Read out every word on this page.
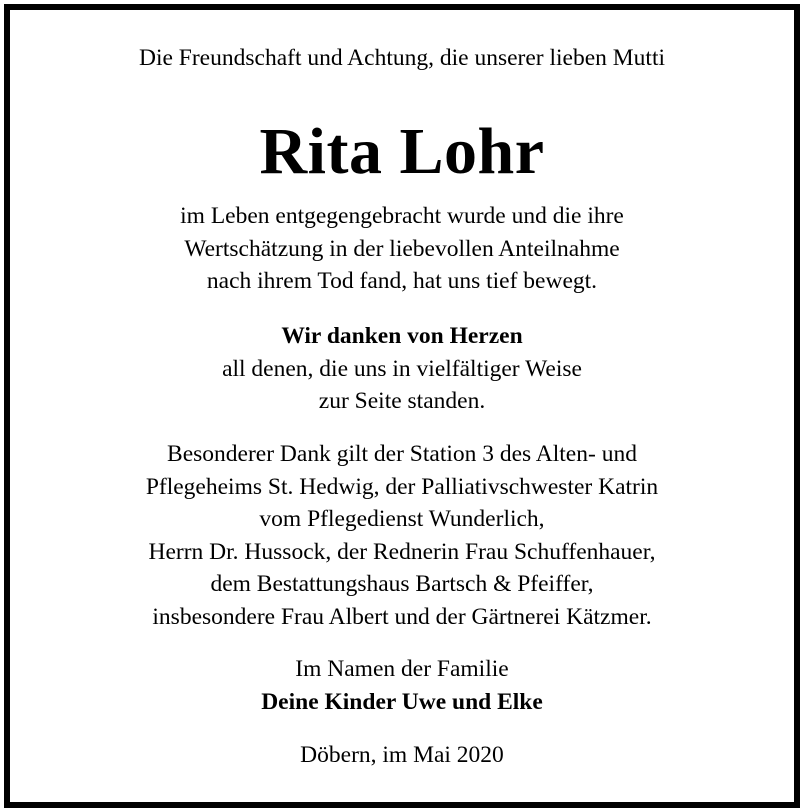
Die Freundschaft und Achtung, die unserer lieben Mutti
Rita Lohr
im Leben entgegengebracht wurde und die ihre
Wertschätzung in der liebevollen Anteilnahme
nach ihrem Tod fand, hat uns tief bewegt.
Wir danken von Herzen
all denen, die uns in vielfältiger Weise
zur Seite standen.
Besonderer Dank gilt der Station 3 des Alten- und
Pflegeheims St. Hedwig, der Palliativschwester Katrin
vom Pflegedienst Wunderlich,
Herrn Dr. Hussock, der Rednerin Frau Schuffenhauer,
dem Bestattungshaus Bartsch & Pfeiffer,
insbesondere Frau Albert und der Gärtnerei Kätzmer.
Im Namen der Familie
Deine Kinder Uwe und Elke
Döbern, im Mai 2020
